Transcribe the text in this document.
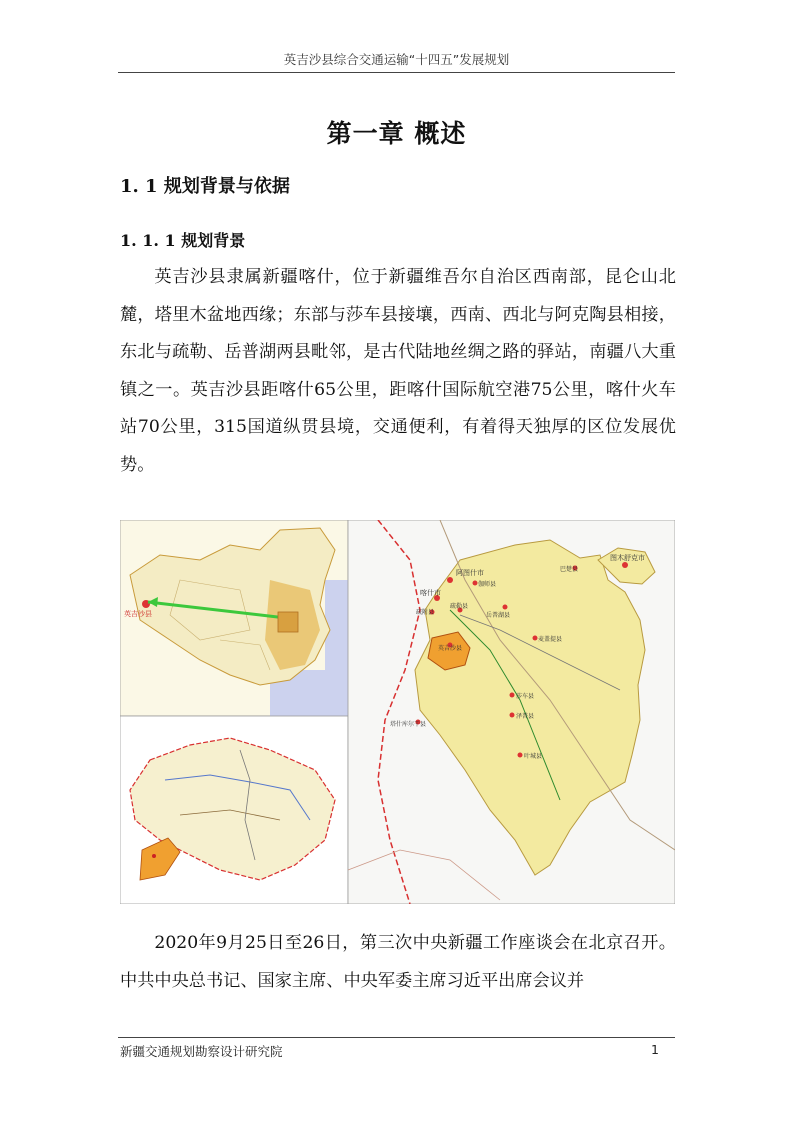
英吉沙县综合交通运输“十四五”发展规划
第一章 概述
1. 1 规划背景与依据
1. 1. 1 规划背景

英吉沙县隶属新疆喀什，位于新疆维吾尔自治区西南部，昆仑山北麓，塔里木盆地西缘；东部与莎车县接壤，西南、西北与阿克陶县相接，东北与疏勒、岳普湖两县毗邻，是古代陆地丝绸之路的驿站，南疆八大重镇之一。英吉沙县距喀什65公里，距喀什国际航空港75公里，喀什火车站70公里，315国道纵贯县境，交通便利，有着得天独厚的区位发展优势。

英吉沙县
阿图什市
喀什市
疏附县
疏勒县
伽师县
岳普湖县
麦盖提县
巴楚县
图木舒克市
英吉沙县
莎车县
泽普县
叶城县
塔什库尔干县

2020年9月25日至26日，第三次中央新疆工作座谈会在北京召开。中共中央总书记、国家主席、中央军委主席习近平出席会议并

新疆交通规划勘察设计研究院	1
